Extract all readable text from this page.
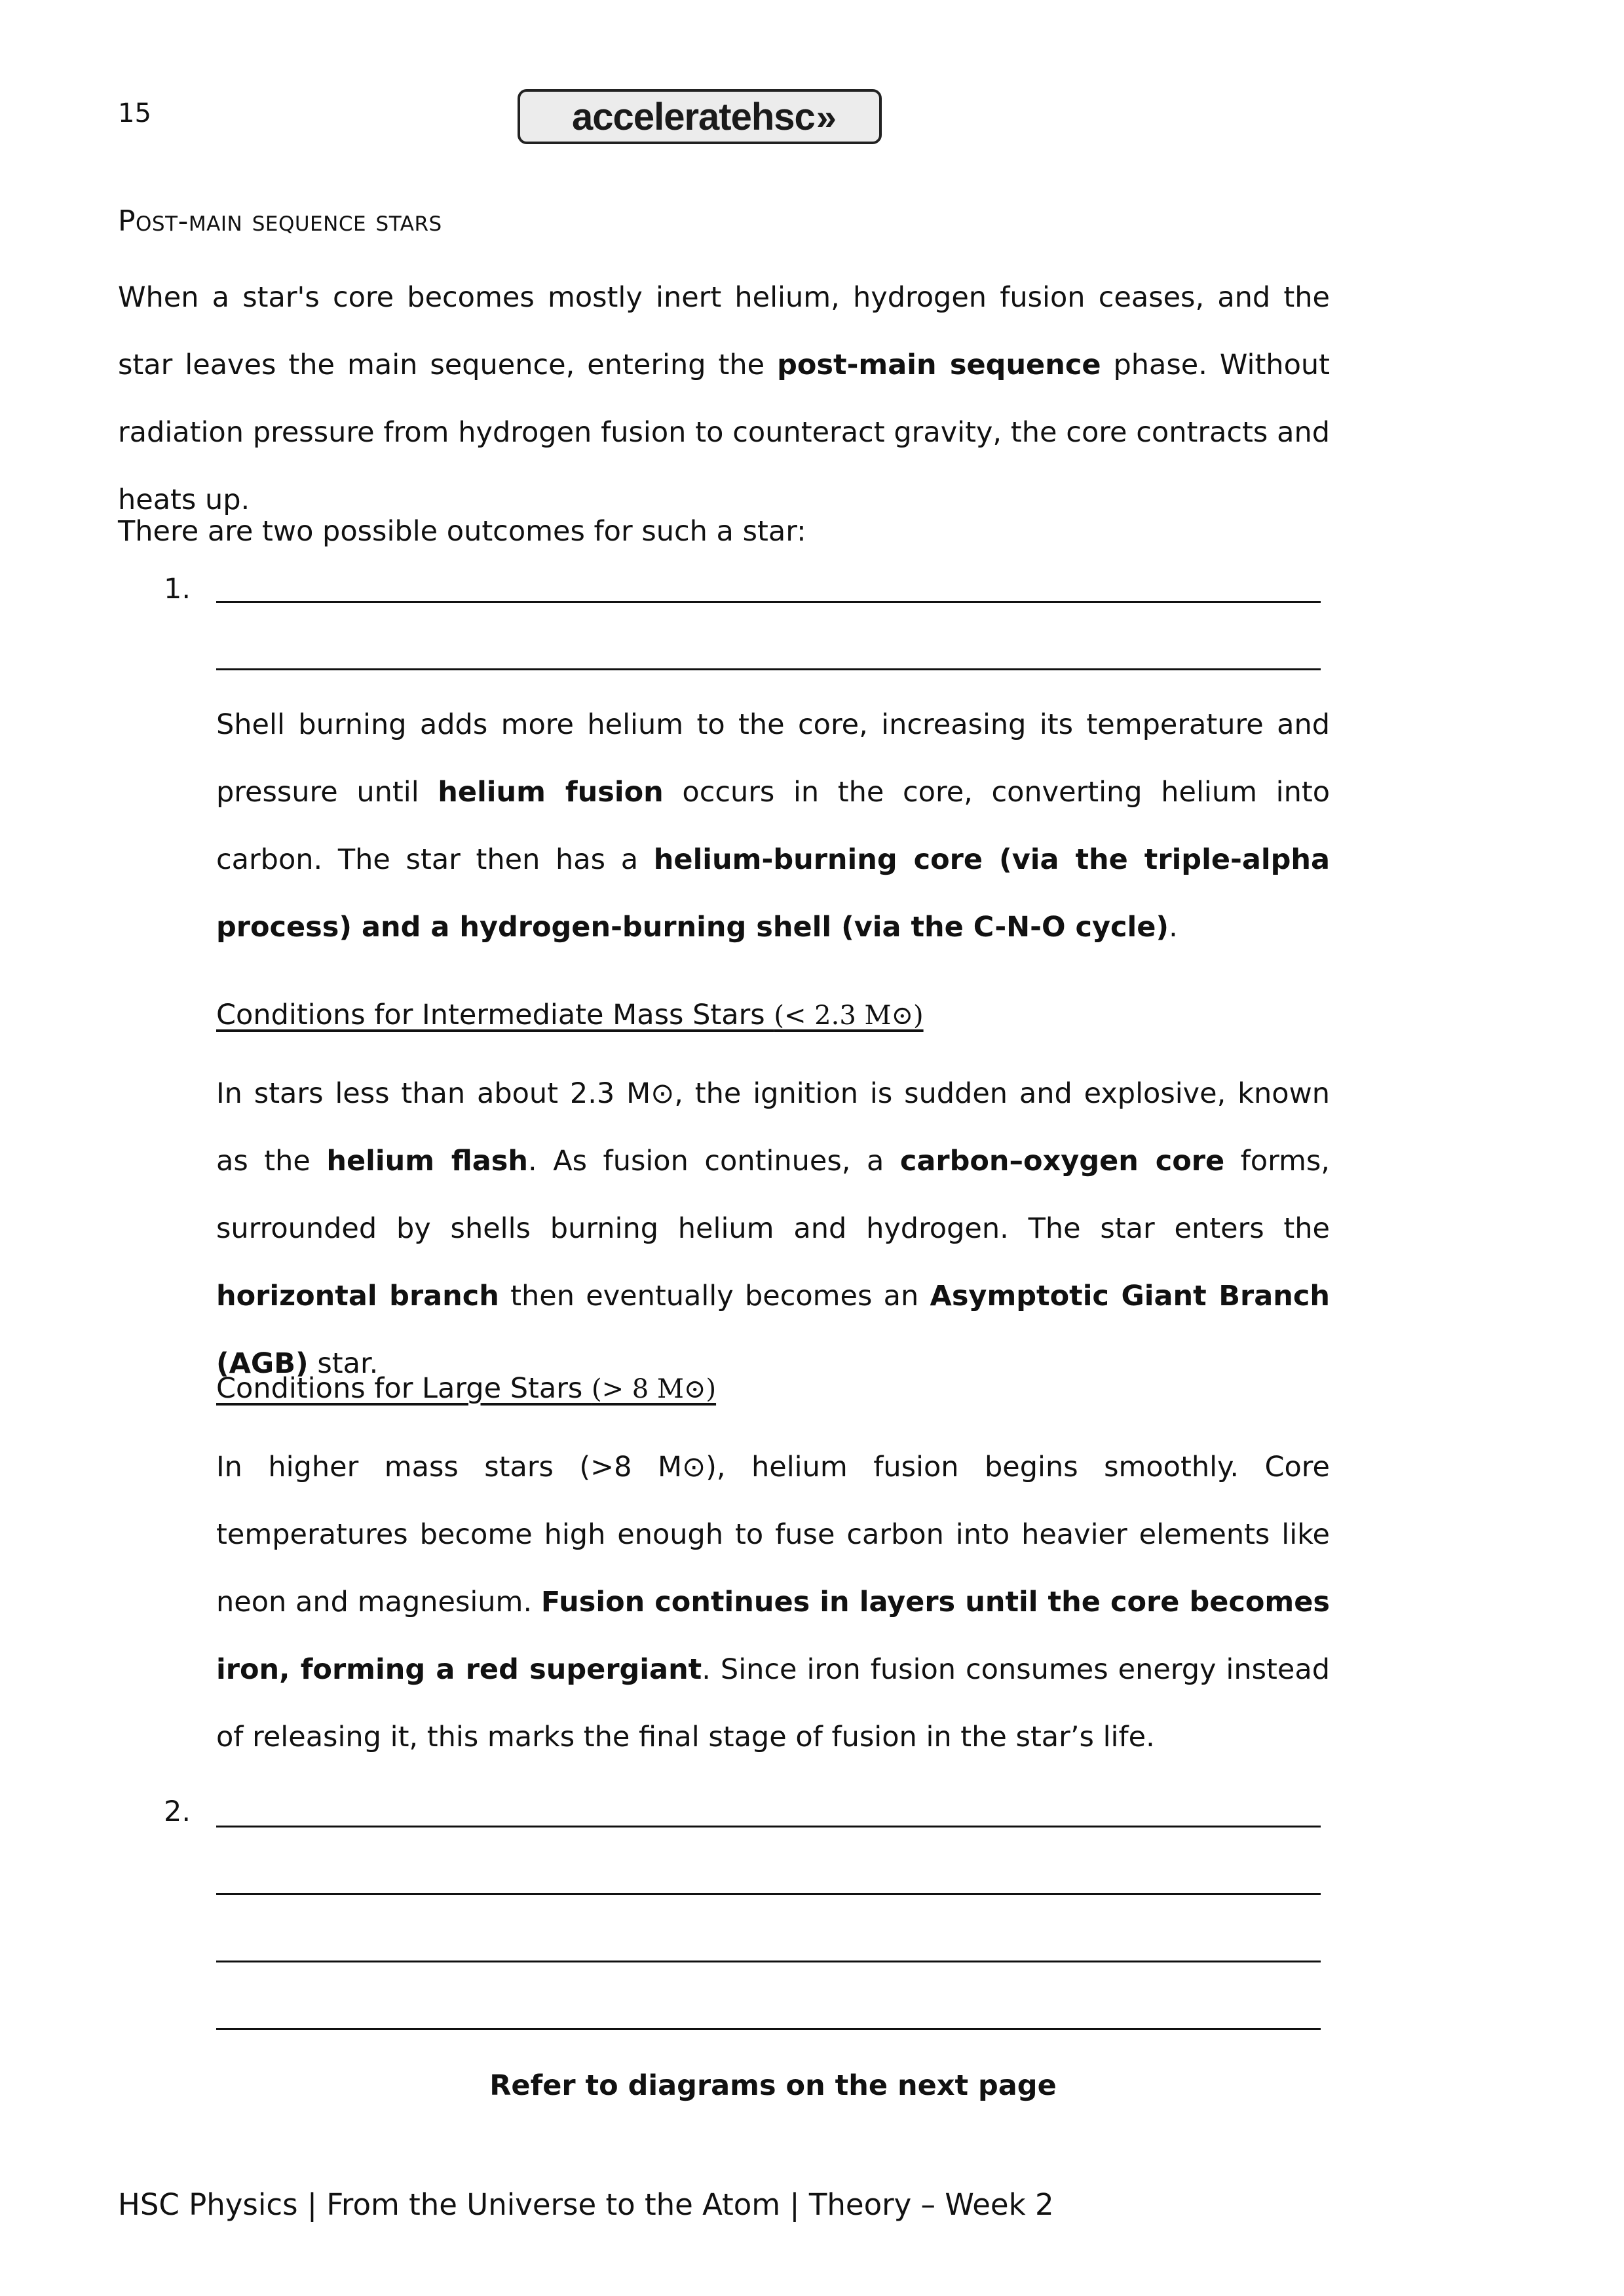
15	acceleratehsc »
Post-main sequence stars
When a star's core becomes mostly inert helium, hydrogen fusion ceases, and the star leaves the main sequence, entering the post-main sequence phase. Without radiation pressure from hydrogen fusion to counteract gravity, the core contracts and heats up.
There are two possible outcomes for such a star:
1.
Shell burning adds more helium to the core, increasing its temperature and pressure until helium fusion occurs in the core, converting helium into carbon. The star then has a helium-burning core (via the triple-alpha process) and a hydrogen-burning shell (via the C-N-O cycle).
Conditions for Intermediate Mass Stars (< 2.3 M⊙)
In stars less than about 2.3 M⊙, the ignition is sudden and explosive, known as the helium flash. As fusion continues, a carbon–oxygen core forms, surrounded by shells burning helium and hydrogen. The star enters the horizontal branch then eventually becomes an Asymptotic Giant Branch (AGB) star.
Conditions for Large Stars (> 8 M⊙)
In higher mass stars (>8 M⊙), helium fusion begins smoothly. Core temperatures become high enough to fuse carbon into heavier elements like neon and magnesium. Fusion continues in layers until the core becomes iron, forming a red supergiant. Since iron fusion consumes energy instead of releasing it, this marks the final stage of fusion in the star’s life.
2.
Refer to diagrams on the next page
HSC Physics | From the Universe to the Atom | Theory – Week 2
